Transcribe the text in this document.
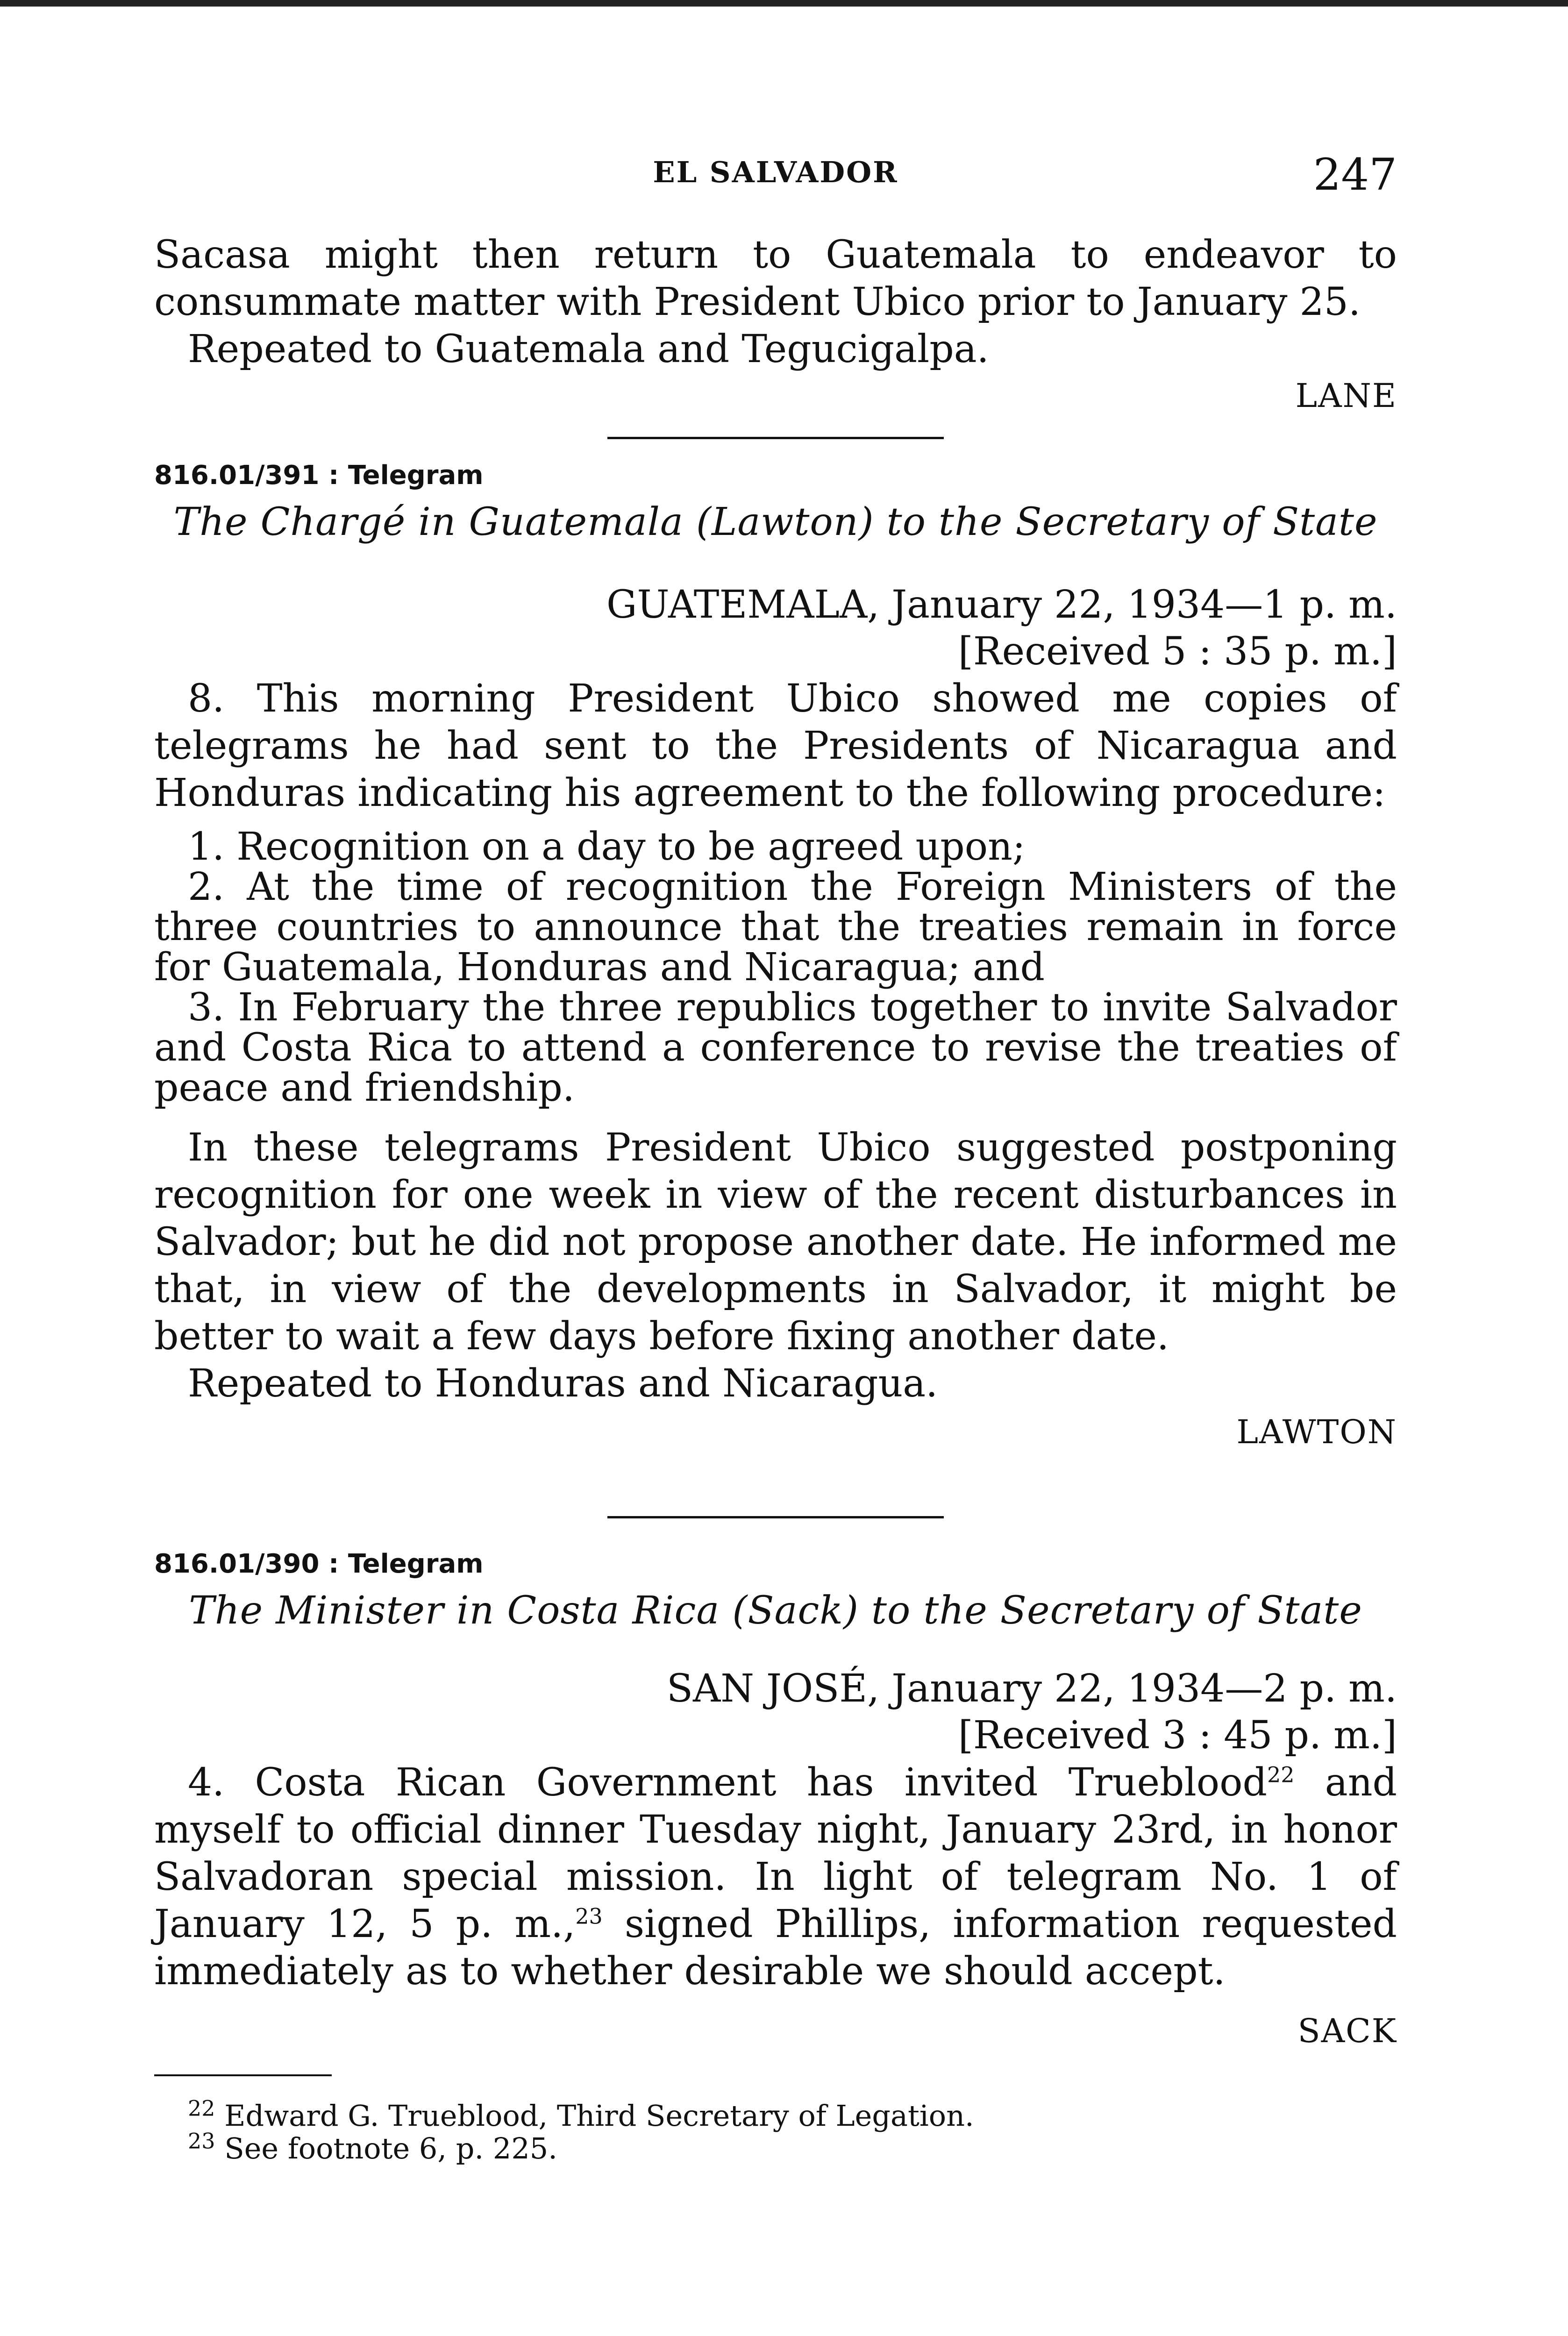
EL SALVADOR	247

Sacasa might then return to Guatemala to endeavor to consummate matter with President Ubico prior to January 25.

Repeated to Guatemala and Tegucigalpa.

LANE
816.01/391 : Telegram
The Chargé in Guatemala (Lawton) to the Secretary of State
GUATEMALA, January 22, 1934—1 p. m.
[Received 5 : 35 p. m.]

8. This morning President Ubico showed me copies of telegrams he had sent to the Presidents of Nicaragua and Honduras indicating his agreement to the following procedure:

1. Recognition on a day to be agreed upon;

2. At the time of recognition the Foreign Ministers of the three countries to announce that the treaties remain in force for Guatemala, Honduras and Nicaragua; and

3. In February the three republics together to invite Salvador and Costa Rica to attend a conference to revise the treaties of peace and friendship.

In these telegrams President Ubico suggested postponing recognition for one week in view of the recent disturbances in Salvador; but he did not propose another date. He informed me that, in view of the developments in Salvador, it might be better to wait a few days before fixing another date.

Repeated to Honduras and Nicaragua.

LAWTON
816.01/390 : Telegram
The Minister in Costa Rica (Sack) to the Secretary of State
SAN JOSÉ, January 22, 1934—2 p. m.
[Received 3 : 45 p. m.]

4. Costa Rican Government has invited Trueblood$^{22}$ and myself to official dinner Tuesday night, January 23rd, in honor Salvadoran special mission. In light of telegram No. 1 of January 12, 5 p. m.,$^{23}$ signed Phillips, information requested immediately as to whether desirable we should accept.

SACK
$^{22}$ Edward G. Trueblood, Third Secretary of Legation.
$^{23}$ See footnote 6, p. 225.
